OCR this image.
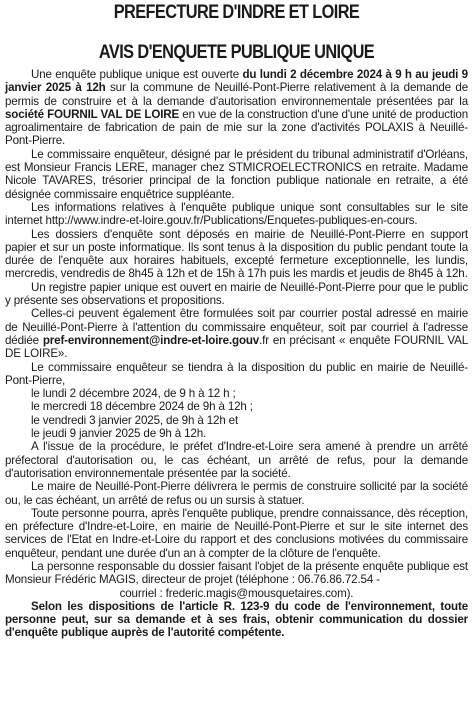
PREFECTURE D'INDRE ET LOIRE
AVIS D'ENQUETE PUBLIQUE UNIQUE

Une enquête publique unique est ouverte du lundi 2 décembre 2024 à 9 h au jeudi 9 janvier 2025 à 12h sur la commune de Neuillé-Pont-Pierre relativement à la demande de permis de construire et à la demande d'autorisation environnementale présentées par la société FOURNIL VAL DE LOIRE en vue de la construction d'une d'une unité de production agroalimentaire de fabrication de pain de mie sur la zone d'activités POLAXIS à Neuillé-Pont-Pierre.

Le commissaire enquêteur, désigné par le président du tribunal administratif d'Orléans, est Monsieur Francis LERE, manager chez STMICROELECTRONICS en retraite. Madame Nicole TAVARES, trésorier principal de la fonction publique nationale en retraite, a été désignée commissaire enquêtrice suppléante.

Les informations relatives à l'enquête publique unique sont consultables sur le site internet http://www.indre-et-loire.gouv.fr/Publications/Enquetes-publiques-en-cours.

Les dossiers d'enquête sont déposés en mairie de Neuillé-Pont-Pierre en support papier et sur un poste informatique. Ils sont tenus à la disposition du public pendant toute la durée de l'enquête aux horaires habituels, excepté fermeture exceptionnelle, les lundis, mercredis, vendredis de 8h45 à 12h et de 15h à 17h puis les mardis et jeudis de 8h45 à 12h.

Un registre papier unique est ouvert en mairie de Neuillé-Pont-Pierre pour que le public y présente ses observations et propositions.

Celles-ci peuvent également être formulées soit par courrier postal adressé en mairie de Neuillé-Pont-Pierre à l'attention du commissaire enquêteur, soit par courriel à l'adresse dédiée pref-environnement@indre-et-loire.gouv.fr en précisant « enquête FOURNIL VAL DE LOIRE».

Le commissaire enquêteur se tiendra à la disposition du public en mairie de Neuillé-Pont-Pierre,

le lundi 2 décembre 2024, de 9 h à 12 h ;

le mercredi 18 décembre 2024 de 9h à 12h ;

le vendredi 3 janvier 2025, de 9h à 12h et

le jeudi 9 janvier 2025 de 9h à 12h.

A l'issue de la procédure, le préfet d'Indre-et-Loire sera amené à prendre un arrêté préfectoral d'autorisation ou, le cas échéant, un arrêté de refus, pour la demande d'autorisation environnementale présentée par la société.

Le maire de Neuillé-Pont-Pierre délivrera le permis de construire sollicité par la société ou, le cas échéant, un arrêté de refus ou un sursis à statuer.

Toute personne pourra, après l'enquête publique, prendre connaissance, dès réception, en préfecture d'Indre-et-Loire, en mairie de Neuillé-Pont-Pierre et sur le site internet des services de l'Etat en Indre-et-Loire du rapport et des conclusions motivées du commissaire enquêteur, pendant une durée d'un an à compter de la clôture de l'enquête.

La personne responsable du dossier faisant l'objet de la présente enquête publique est Monsieur Frédéric MAGIS, directeur de projet (téléphone : 06.76.86.72.54 -

courriel : frederic.magis@mousquetaires.com).

Selon les dispositions de l'article R. 123-9 du code de l'environnement, toute personne peut, sur sa demande et à ses frais, obtenir communication du dossier d'enquête publique auprès de l'autorité compétente.
